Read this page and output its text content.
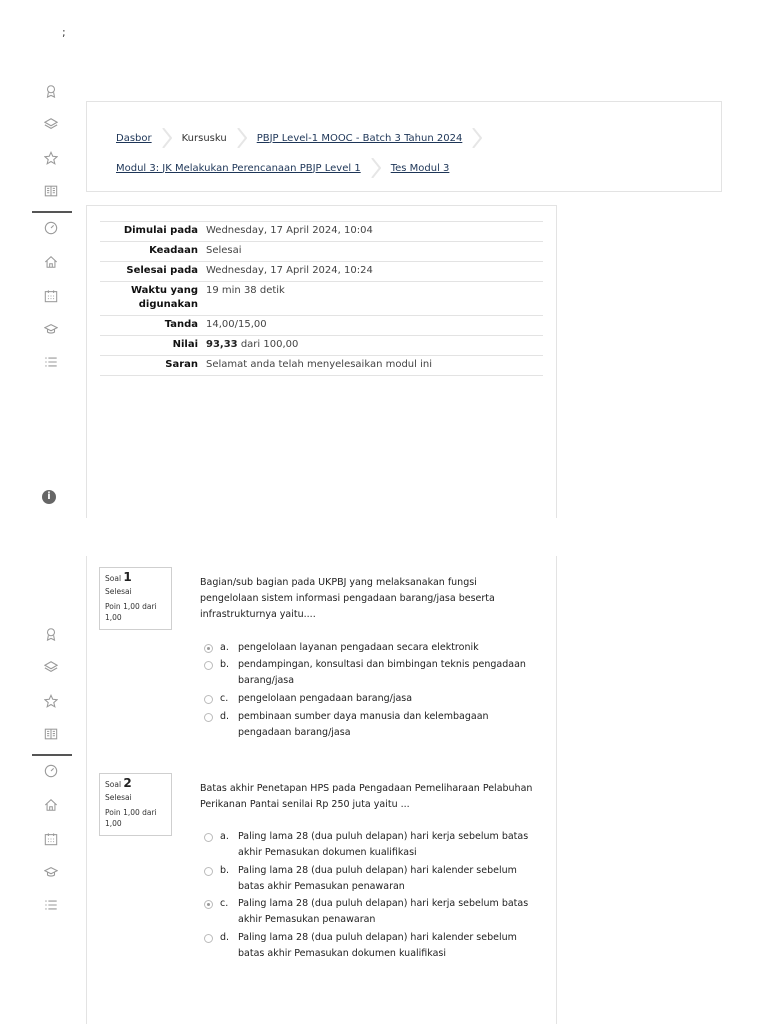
;
i
Dasbor	Kursusku	PBJP Level-1 MOOC - Batch 3 Tahun 2024
Modul 3: JK Melakukan Perencanaan PBJP Level 1	Tes Modul 3
Dimulai pada	Wednesday, 17 April 2024, 10:04
Keadaan	Selesai
Selesai pada	Wednesday, 17 April 2024, 10:24
Waktu yang digunakan	19 min 38 detik
Tanda	14,00/15,00
Nilai	93,33 dari 100,00
Saran	Selamat anda telah menyelesaikan modul ini
Soal 1
Selesai
Poin 1,00 dari 1,00
Bagian/sub bagian pada UKPBJ yang melaksanakan fungsi pengelolaan sistem informasi pengadaan barang/jasa beserta infrastrukturnya yaitu....
a. pengelolaan layanan pengadaan secara elektronik
b. pendampingan, konsultasi dan bimbingan teknis pengadaan barang/jasa
c.	pengelolaan pengadaan barang/jasa
d. pembinaan sumber daya manusia dan kelembagaan pengadaan barang/jasa
Soal 2
Selesai
Poin 1,00 dari 1,00
Batas akhir Penetapan HPS pada Pengadaan Pemeliharaan Pelabuhan Perikanan Pantai senilai Rp 250 juta yaitu ...
a. Paling lama 28 (dua puluh delapan) hari kerja sebelum batas akhir Pemasukan dokumen kualifikasi
b. Paling lama 28 (dua puluh delapan) hari kalender sebelum batas akhir Pemasukan penawaran
c.	Paling lama 28 (dua puluh delapan) hari kerja sebelum batas akhir Pemasukan penawaran
d. Paling lama 28 (dua puluh delapan) hari kalender sebelum batas akhir Pemasukan dokumen kualifikasi
